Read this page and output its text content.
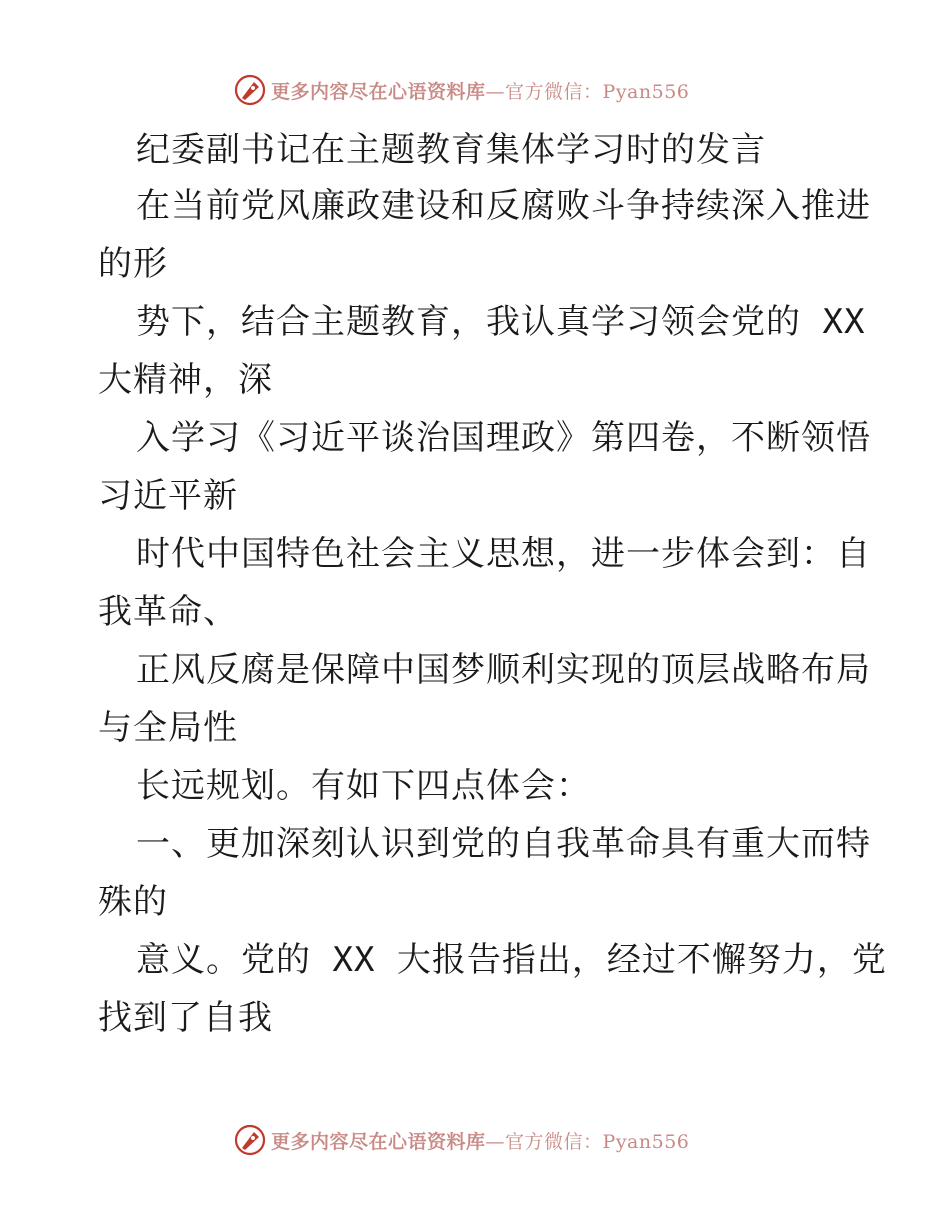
更多内容尽在心语资料库—官方微信：Pyan556
纪委副书记在主题教育集体学习时的发言
在当前党风廉政建设和反腐败斗争持续深入推进
的形
势下，结合主题教育，我认真学习领会党的 XX
大精神，深
入学习《习近平谈治国理政》第四卷，不断领悟
习近平新
时代中国特色社会主义思想，进一步体会到：自
我革命、
正风反腐是保障中国梦顺利实现的顶层战略布局
与全局性
长远规划。有如下四点体会：
一、更加深刻认识到党的自我革命具有重大而特
殊的
意义。党的 XX 大报告指出，经过不懈努力，党
找到了自我
更多内容尽在心语资料库—官方微信：Pyan556
